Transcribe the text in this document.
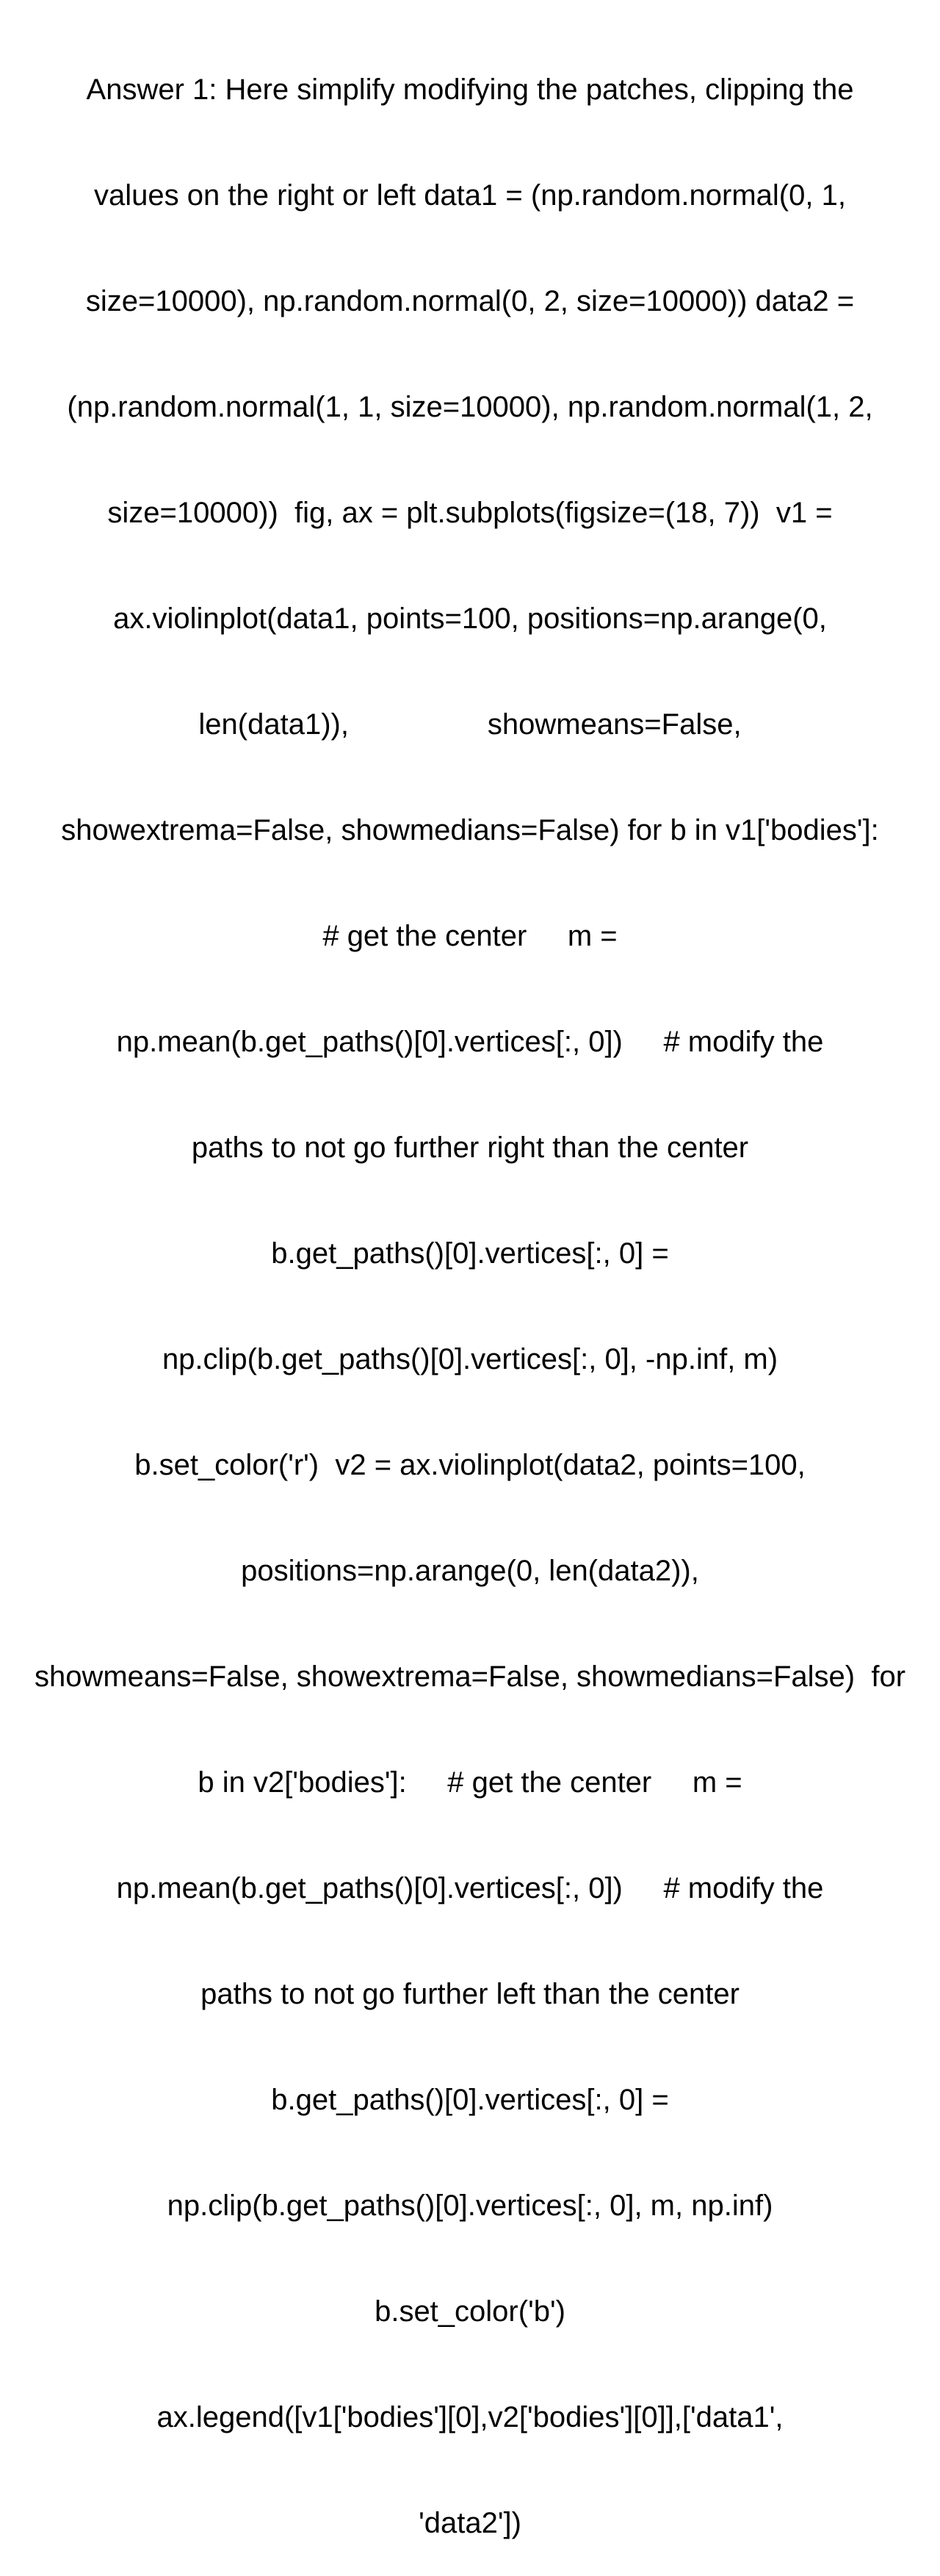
Answer 1: Here simplify modifying the patches, clipping the

values on the right or left data1 = (np.random.normal(0, 1,

size=10000), np.random.normal(0, 2, size=10000)) data2 =

(np.random.normal(1, 1, size=10000), np.random.normal(1, 2,

size=10000))  fig, ax = plt.subplots(figsize=(18, 7))  v1 =

ax.violinplot(data1, points=100, positions=np.arange(0,

len(data1)),                 showmeans=False,

showextrema=False, showmedians=False) for b in v1['bodies']:

# get the center     m =

np.mean(b.get_paths()[0].vertices[:, 0])     # modify the

paths to not go further right than the center

b.get_paths()[0].vertices[:, 0] =

np.clip(b.get_paths()[0].vertices[:, 0], -np.inf, m)

b.set_color('r')  v2 = ax.violinplot(data2, points=100,

positions=np.arange(0, len(data2)),

showmeans=False, showextrema=False, showmedians=False)  for

b in v2['bodies']:     # get the center     m =

np.mean(b.get_paths()[0].vertices[:, 0])     # modify the

paths to not go further left than the center

b.get_paths()[0].vertices[:, 0] =

np.clip(b.get_paths()[0].vertices[:, 0], m, np.inf)

b.set_color('b')

ax.legend([v1['bodies'][0],v2['bodies'][0]],['data1',

'data2'])
